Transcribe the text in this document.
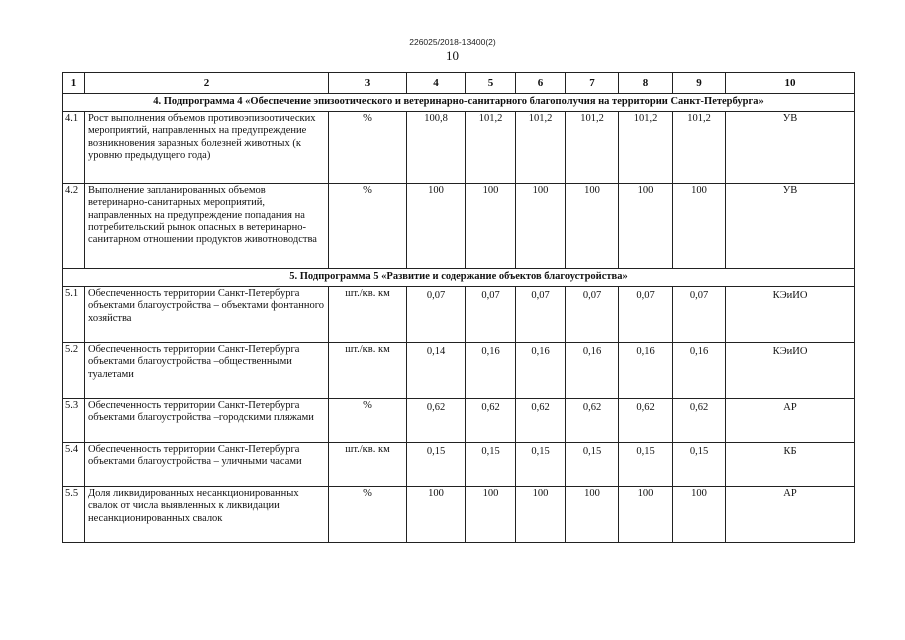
226025/2018-13400(2)
10
1	2	3	4	5	6	7	8	9	10
4. Подпрограмма 4 «Обеспечение эпизоотического и ветеринарно-санитарного благополучия на территории Санкт-Петербурга»									
4.1	Рост выполнения объемов противоэпизоотических мероприятий, направленных на предупреждение возникновения заразных болезней животных (к уровню предыдущего года)	%	100,8	101,2	101,2	101,2	101,2	101,2	УВ
4.2	Выполнение запланированных объемов ветеринарно-санитарных мероприятий, направленных на предупреждение попадания на потребительский рынок опасных в ветеринарно-санитарном отношении продуктов животноводства	%	100	100	100	100	100	100	УВ
5. Подпрограмма 5 «Развитие и содержание объектов благоустройства»									
5.1	Обеспеченность территории Санкт-Петербурга объектами благоустройства – объектами фонтанного хозяйства	шт./кв. км	0,07	0,07	0,07	0,07	0,07	0,07	КЭиИО
5.2	Обеспеченность территории Санкт-Петербурга объектами благоустройства –общественными туалетами	шт./кв. км	0,14	0,16	0,16	0,16	0,16	0,16	КЭиИО
5.3	Обеспеченность территории Санкт-Петербурга объектами благоустройства –городскими пляжами	%	0,62	0,62	0,62	0,62	0,62	0,62	АР
5.4	Обеспеченность территории Санкт-Петербурга объектами благоустройства – уличными часами	шт./кв. км	0,15	0,15	0,15	0,15	0,15	0,15	КБ
5.5	Доля ликвидированных несанкционированных свалок от числа выявленных к ликвидации несанкционированных свалок	%	100	100	100	100	100	100	АР
